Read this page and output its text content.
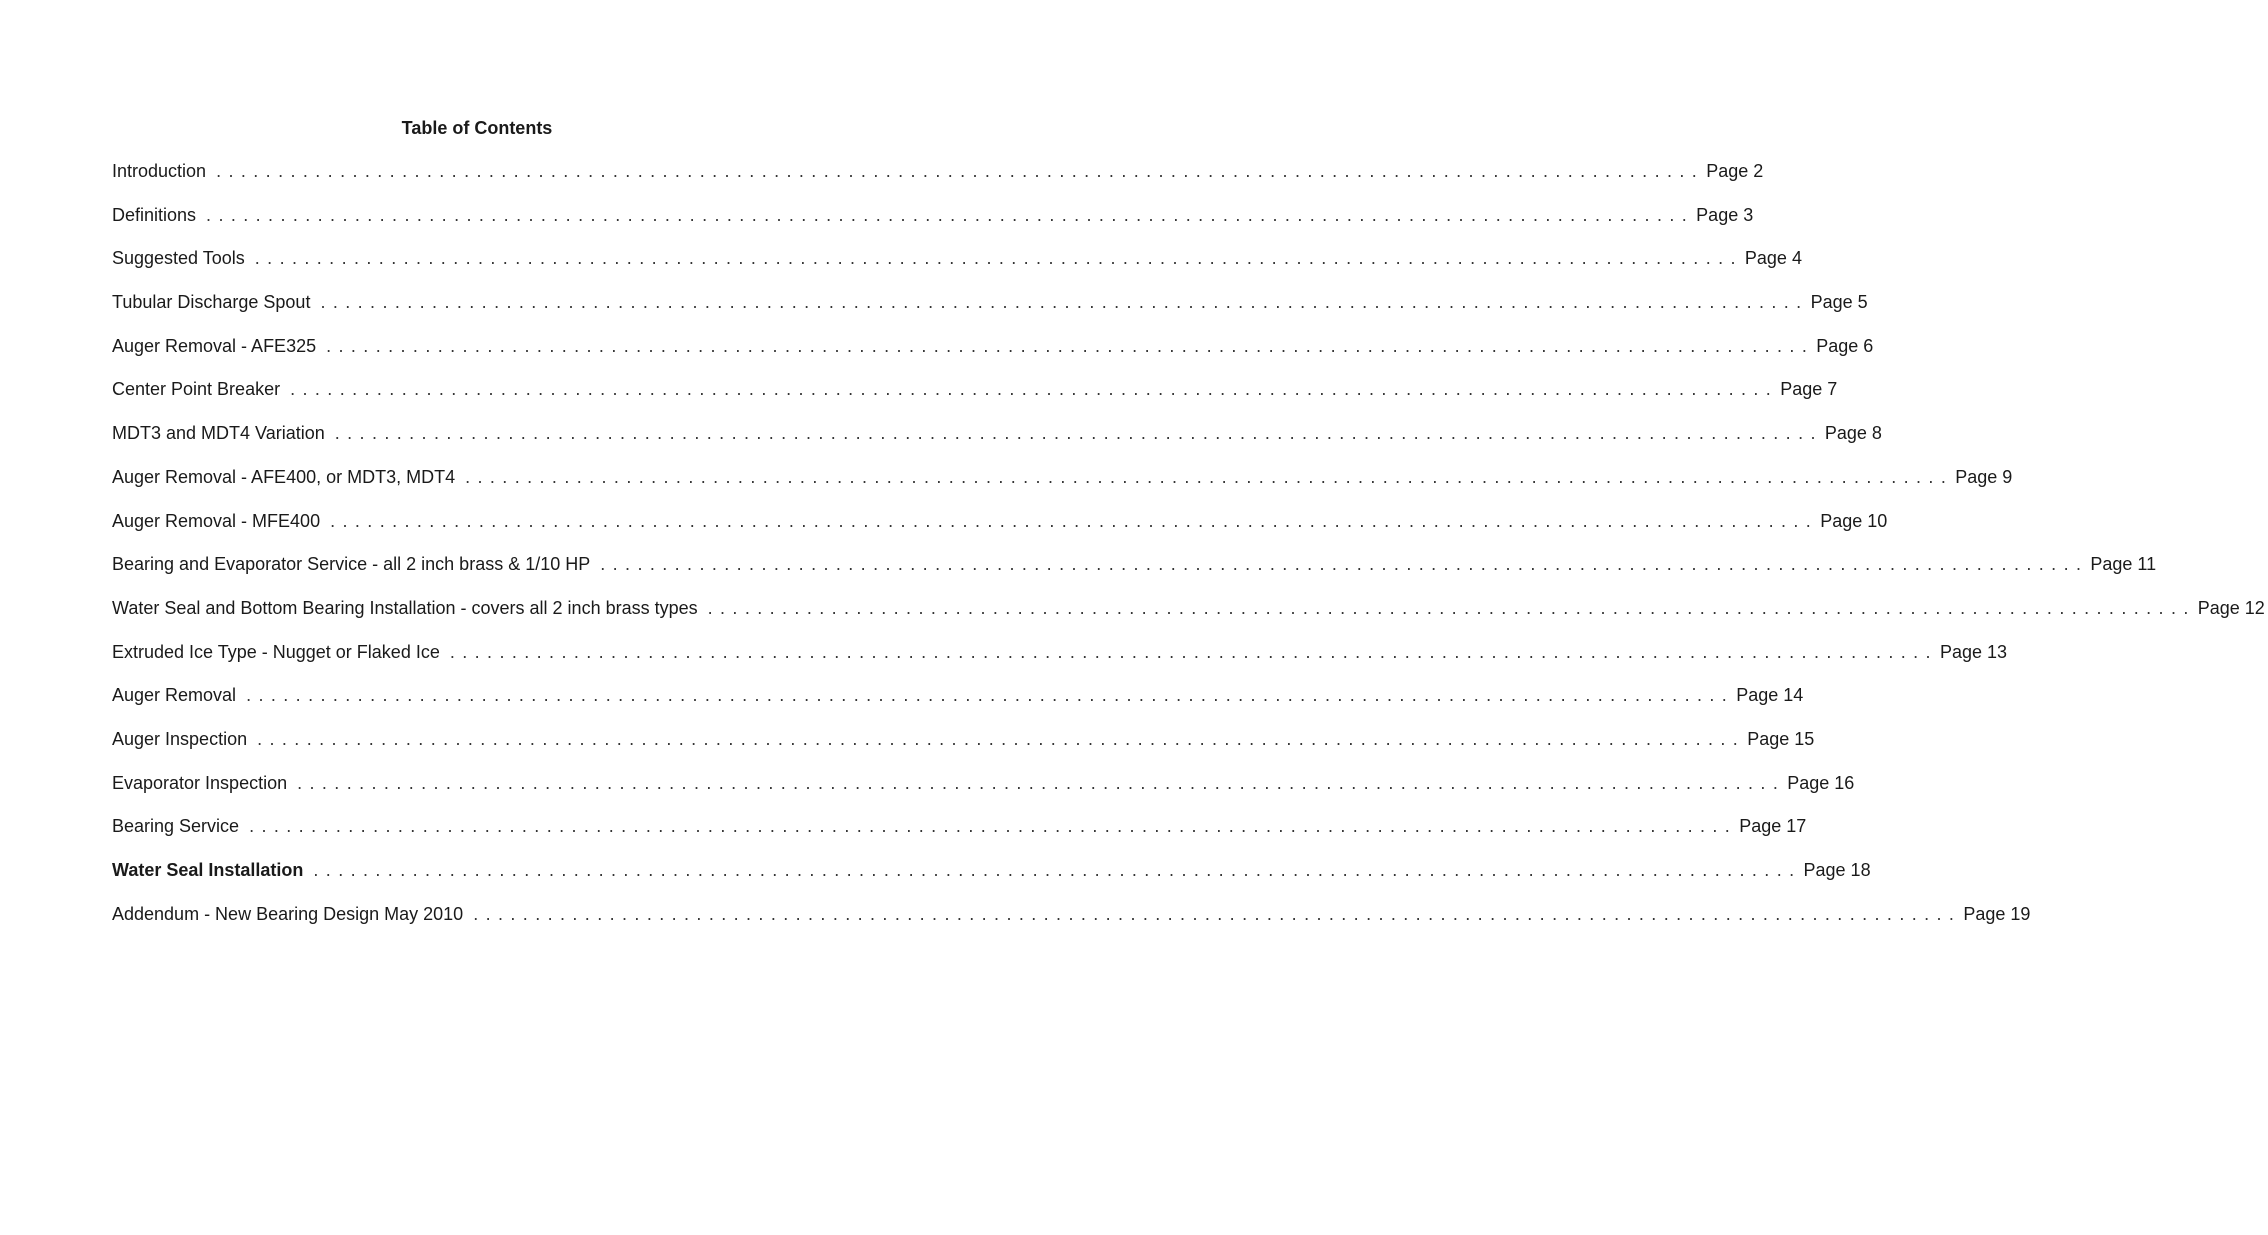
Table of Contents
Introduction ........................................................................................................................ Page 2
Definitions ........................................................................................................................ Page 3
Suggested Tools ........................................................................................................................ Page 4
Tubular Discharge Spout ........................................................................................................................ Page 5
Auger Removal - AFE325 ........................................................................................................................ Page 6
Center Point Breaker ........................................................................................................................ Page 7
MDT3 and MDT4 Variation ........................................................................................................................ Page 8
Auger Removal - AFE400, or MDT3, MDT4 ........................................................................................................................ Page 9
Auger Removal - MFE400 ........................................................................................................................ Page 10
Bearing and Evaporator Service - all 2 inch brass & 1/10 HP ........................................................................................................................ Page 11
Water Seal and Bottom Bearing Installation - covers all 2 inch brass types ........................................................................................................................ Page 12
Extruded Ice Type - Nugget or Flaked Ice ........................................................................................................................ Page 13
Auger Removal ........................................................................................................................ Page 14
Auger Inspection ........................................................................................................................ Page 15
Evaporator Inspection ........................................................................................................................ Page 16
Bearing Service ........................................................................................................................ Page 17
Water Seal Installation ........................................................................................................................ Page 18
Addendum - New Bearing Design May 2010 ........................................................................................................................ Page 19
